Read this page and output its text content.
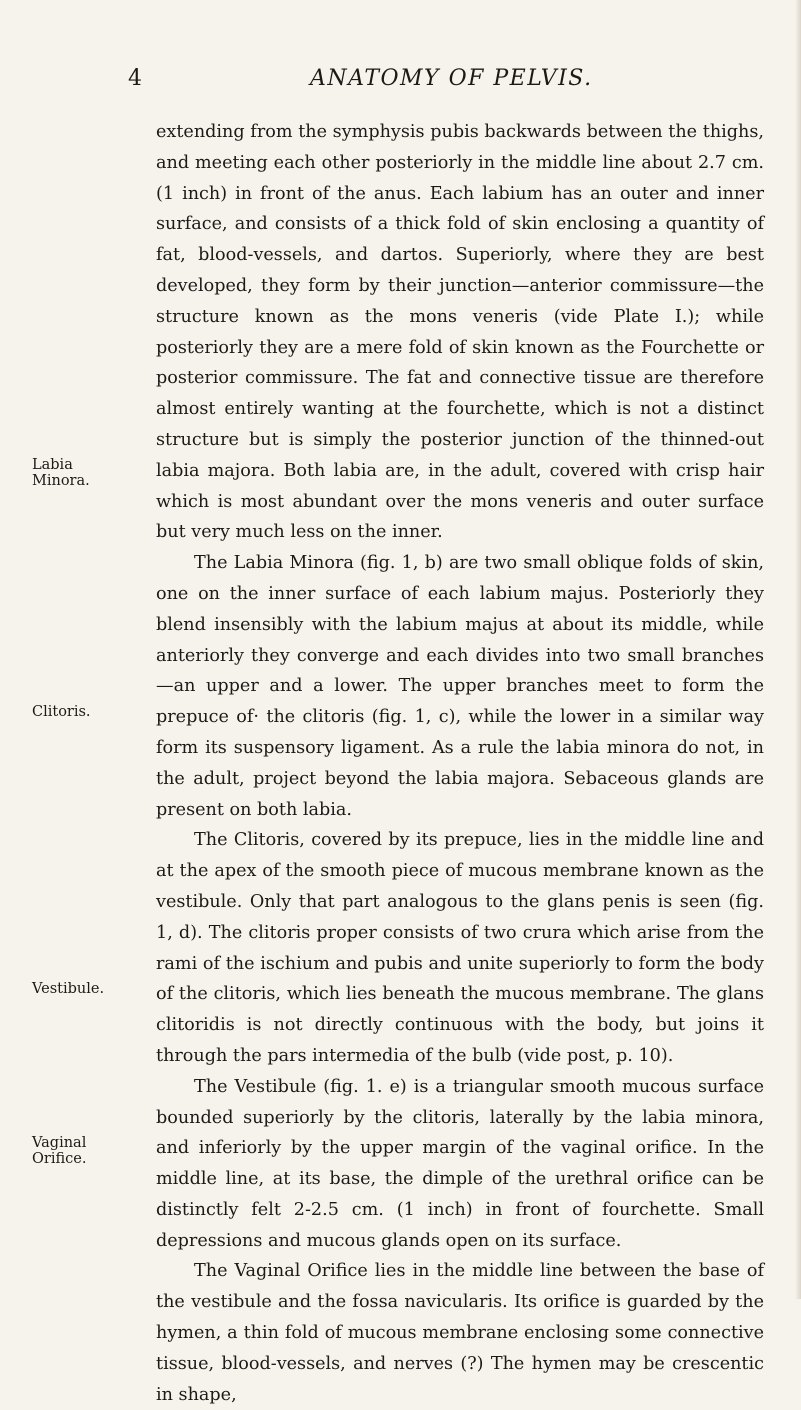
4	ANATOMY OF PELVIS.
Labia
Minora.
Clitoris.
Vestibule.
Vaginal
Orifice.

extending from the symphysis pubis backwards between the thighs, and meeting each other posteriorly in the middle line about 2.7 cm. (1 inch) in front of the anus. Each labium has an outer and inner surface, and consists of a thick fold of skin enclosing a quantity of fat, blood-vessels, and dartos. Superiorly, where they are best developed, they form by their junction—anterior commissure—the structure known as the mons veneris (vide Plate I.); while posteriorly they are a mere fold of skin known as the Fourchette or posterior commissure. The fat and connective tissue are therefore almost entirely wanting at the fourchette, which is not a distinct structure but is simply the posterior junction of the thinned-out labia majora. Both labia are, in the adult, covered with crisp hair which is most abundant over the mons veneris and outer surface but very much less on the inner.

The Labia Minora (fig. 1, b) are two small oblique folds of skin, one on the inner surface of each labium majus. Posteriorly they blend insensibly with the labium majus at about its middle, while anteriorly they converge and each divides into two small branches—an upper and a lower. The upper branches meet to form the prepuce of· the clitoris (fig. 1, c), while the lower in a similar way form its suspensory ligament. As a rule the labia minora do not, in the adult, project beyond the labia majora. Sebaceous glands are present on both labia.

The Clitoris, covered by its prepuce, lies in the middle line and at the apex of the smooth piece of mucous membrane known as the vestibule. Only that part analogous to the glans penis is seen (fig. 1, d). The clitoris proper consists of two crura which arise from the rami of the ischium and pubis and unite superiorly to form the body of the clitoris, which lies beneath the mucous membrane. The glans clitoridis is not directly continuous with the body, but joins it through the pars intermedia of the bulb (vide post, p. 10).

The Vestibule (fig. 1. e) is a triangular smooth mucous surface bounded superiorly by the clitoris, laterally by the labia minora, and inferiorly by the upper margin of the vaginal orifice. In the middle line, at its base, the dimple of the urethral orifice can be distinctly felt 2-2.5 cm. (1 inch) in front of fourchette. Small depressions and mucous glands open on its surface.

The Vaginal Orifice lies in the middle line between the base of the vestibule and the fossa navicularis. Its orifice is guarded by the hymen, a thin fold of mucous membrane enclosing some connective tissue, blood-vessels, and nerves (?) The hymen may be crescentic in shape,
